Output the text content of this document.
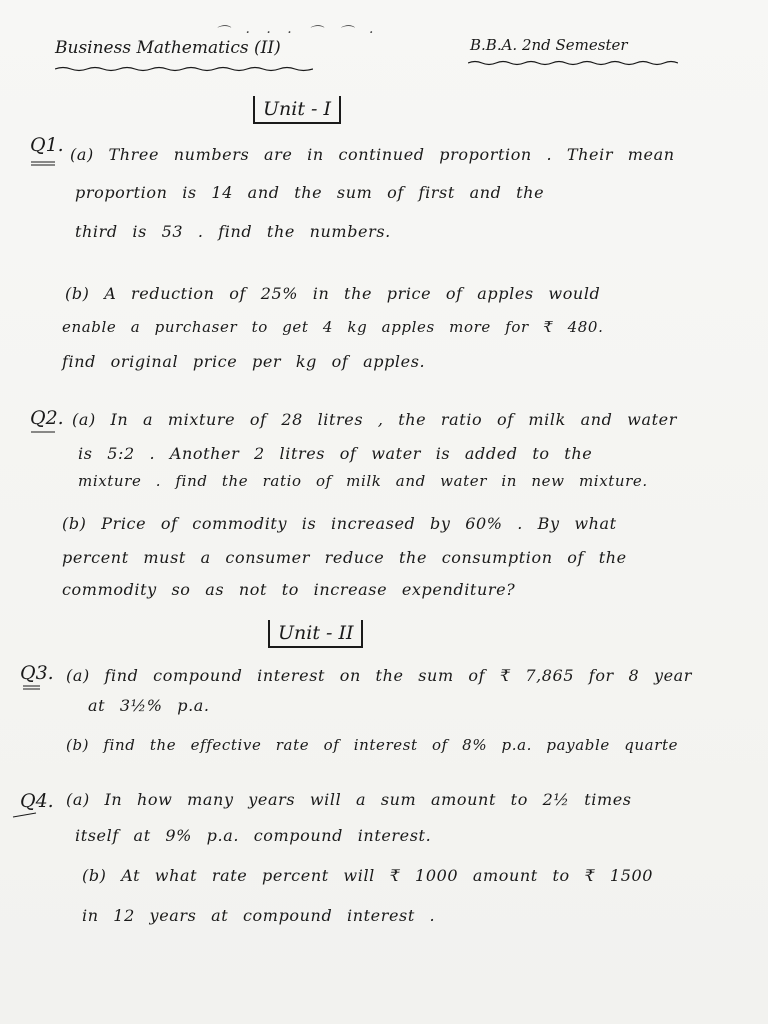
⌒ · · · ⌒ ⌒ ·
Business Mathematics (II)	B.B.A. 2nd Semester
Unit - I
Q1. (a) Three numbers are in continued proportion . Their mean
proportion is 14 and the sum of first and the
third is 53 . find the numbers.
(b) A reduction of 25% in the price of apples would
enable a purchaser to get 4 kg apples more for ₹ 480.
find original price per kg of apples.
Q2. (a) In a mixture of 28 litres , the ratio of milk and water
is 5:2 . Another 2 litres of water is added to the
mixture . find the ratio of milk and water in new mixture.
(b) Price of commodity is increased by 60% . By what
percent must a consumer reduce the consumption of the
commodity so as not to increase expenditure?
Unit - II
Q3. (a) find compound interest on the sum of ₹ 7,865 for 8 year
at 3½% p.a.
(b) find the effective rate of interest of 8% p.a. payable quarte
Q4. (a) In how many years will a sum amount to 2½ times
itself at 9% p.a. compound interest.
(b) At what rate percent will ₹ 1000 amount to ₹ 1500
in 12 years at compound interest .
